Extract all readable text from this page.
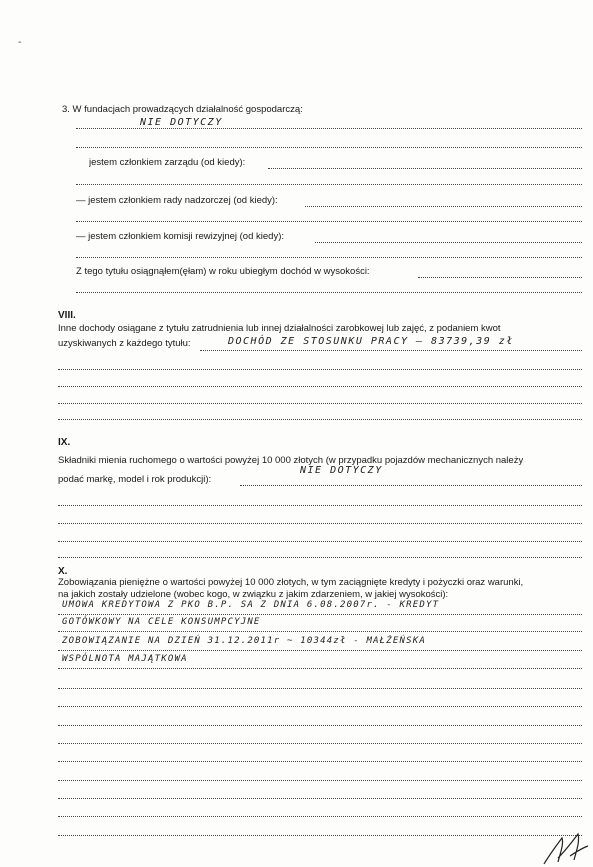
-
3. W fundacjach prowadzących działalność gospodarczą:
NIE DOTYCZY
jestem członkiem zarządu (od kiedy):
— jestem członkiem rady nadzorczej (od kiedy):
— jestem członkiem komisji rewizyjnej (od kiedy):
Z tego tytułu osiągnąłem(ęłam) w roku ubiegłym dochód w wysokości:
VIII.
Inne dochody osiągane z tytułu zatrudnienia lub innej działalności zarobkowej lub zajęć, z podaniem kwot
uzyskiwanych z każdego tytułu:	DOCHÓD ZE STOSUNKU PRACY — 83739,39 zł
IX.
Składniki mienia ruchomego o wartości powyżej 10 000 złotych (w przypadku pojazdów mechanicznych należy
podać markę, model i rok produkcji):
NIE DOTYCZY
X.
Zobowiązania pieniężne o wartości powyżej 10 000 złotych, w tym zaciągnięte kredyty i pożyczki oraz warunki,
na jakich zostały udzielone (wobec kogo, w związku z jakim zdarzeniem, w jakiej wysokości):
UMOWA KREDYTOWA Z PKO B.P. SA Z DNIA 6.08.2007r. - KREDYT
GOTÓWKOWY NA CELE KONSUMPCYJNE
ZOBOWIĄZANIE NA DZIEŃ 31.12.2011r ~ 10344zł - MAŁŻEŃSKA
WSPÓLNOTA MAJĄTKOWA
